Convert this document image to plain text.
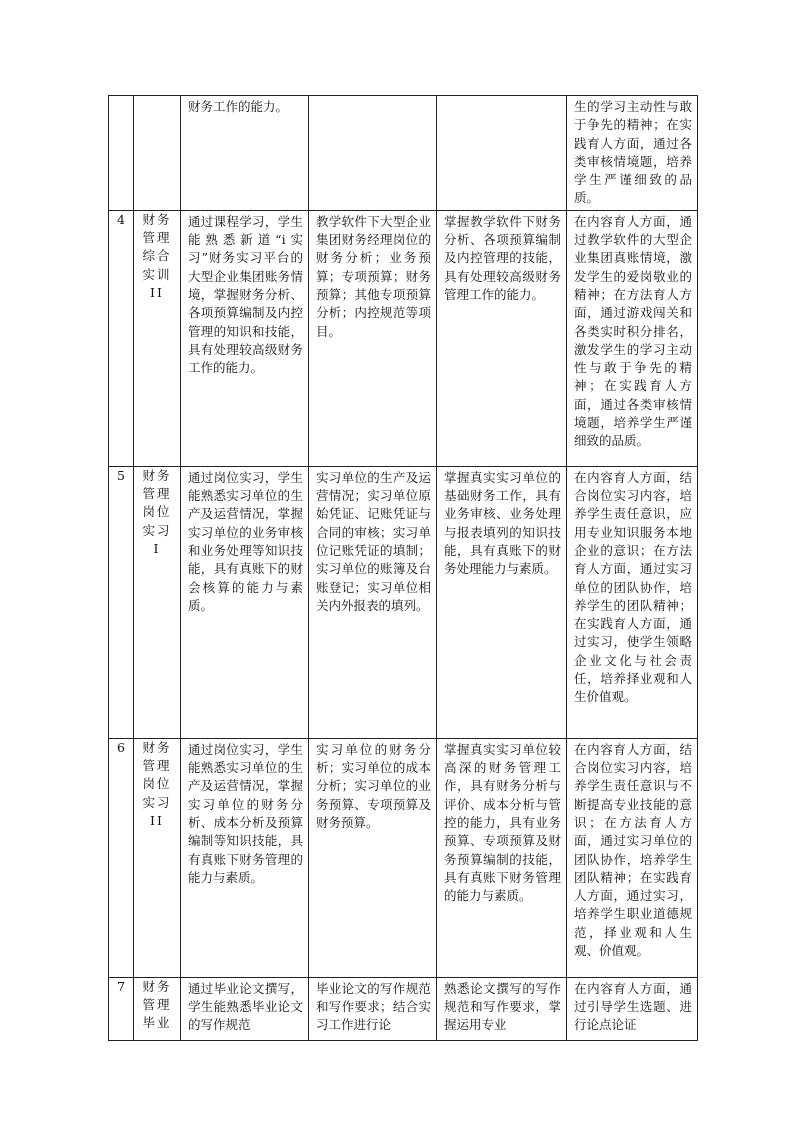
		财务工作的能力。			生的学习主动性与敢于争先的精神；在实践育人方面，通过各类审核情境题，培养学生严谨细致的品质。

4	财务管理综合实训II	通过课程学习，学生能熟悉新道“i实习”财务实习平台的大型企业集团账务情境，掌握财务分析、各项预算编制及内控管理的知识和技能，具有处理较高级财务工作的能力。	教学软件下大型企业集团财务经理岗位的财务分析；业务预算；专项预算；财务预算；其他专项预算分析；内控规范等项目。	掌握教学软件下财务分析、各项预算编制及内控管理的技能，具有处理较高级财务管理工作的能力。	在内容育人方面，通过教学软件的大型企业集团真账情境，激发学生的爱岗敬业的精神；在方法育人方面，通过游戏闯关和各类实时积分排名，激发学生的学习主动性与敢于争先的精神；在实践育人方面，通过各类审核情境题，培养学生严谨细致的品质。

5	财务管理岗位实习I	通过岗位实习，学生能熟悉实习单位的生产及运营情况，掌握实习单位的业务审核和业务处理等知识技能，具有真账下的财会核算的能力与素质。	实习单位的生产及运营情况；实习单位原始凭证、记账凭证与合同的审核；实习单位记账凭证的填制；实习单位的账簿及台账登记；实习单位相关内外报表的填列。	掌握真实实习单位的基础财务工作，具有业务审核、业务处理与报表填列的知识技能，具有真账下的财务处理能力与素质。	在内容育人方面，结合岗位实习内容，培养学生责任意识，应用专业知识服务本地企业的意识；在方法育人方面，通过实习单位的团队协作，培养学生的团队精神；在实践育人方面，通过实习，使学生领略企业文化与社会责任，培养择业观和人生价值观。

6	财务管理岗位实习II	通过岗位实习，学生能熟悉实习单位的生产及运营情况，掌握实习单位的财务分析、成本分析及预算编制等知识技能，具有真账下财务管理的能力与素质。	实习单位的财务分析；实习单位的成本分析；实习单位的业务预算、专项预算及财务预算。	掌握真实实习单位较高深的财务管理工作，具有财务分析与评价、成本分析与管控的能力，具有业务预算、专项预算及财务预算编制的技能，具有真账下财务管理的能力与素质。	在内容育人方面，结合岗位实习内容，培养学生责任意识与不断提高专业技能的意识；在方法育人方面，通过实习单位的团队协作，培养学生团队精神；在实践育人方面，通过实习，培养学生职业道德规范，择业观和人生观、价值观。

7	财务管理毕业	通过毕业论文撰写，学生能熟悉毕业论文的写作规范	毕业论文的写作规范和写作要求；结合实习工作进行论	熟悉论文撰写的写作规范和写作要求，掌握运用专业	在内容育人方面，通过引导学生选题、进行论点论证
